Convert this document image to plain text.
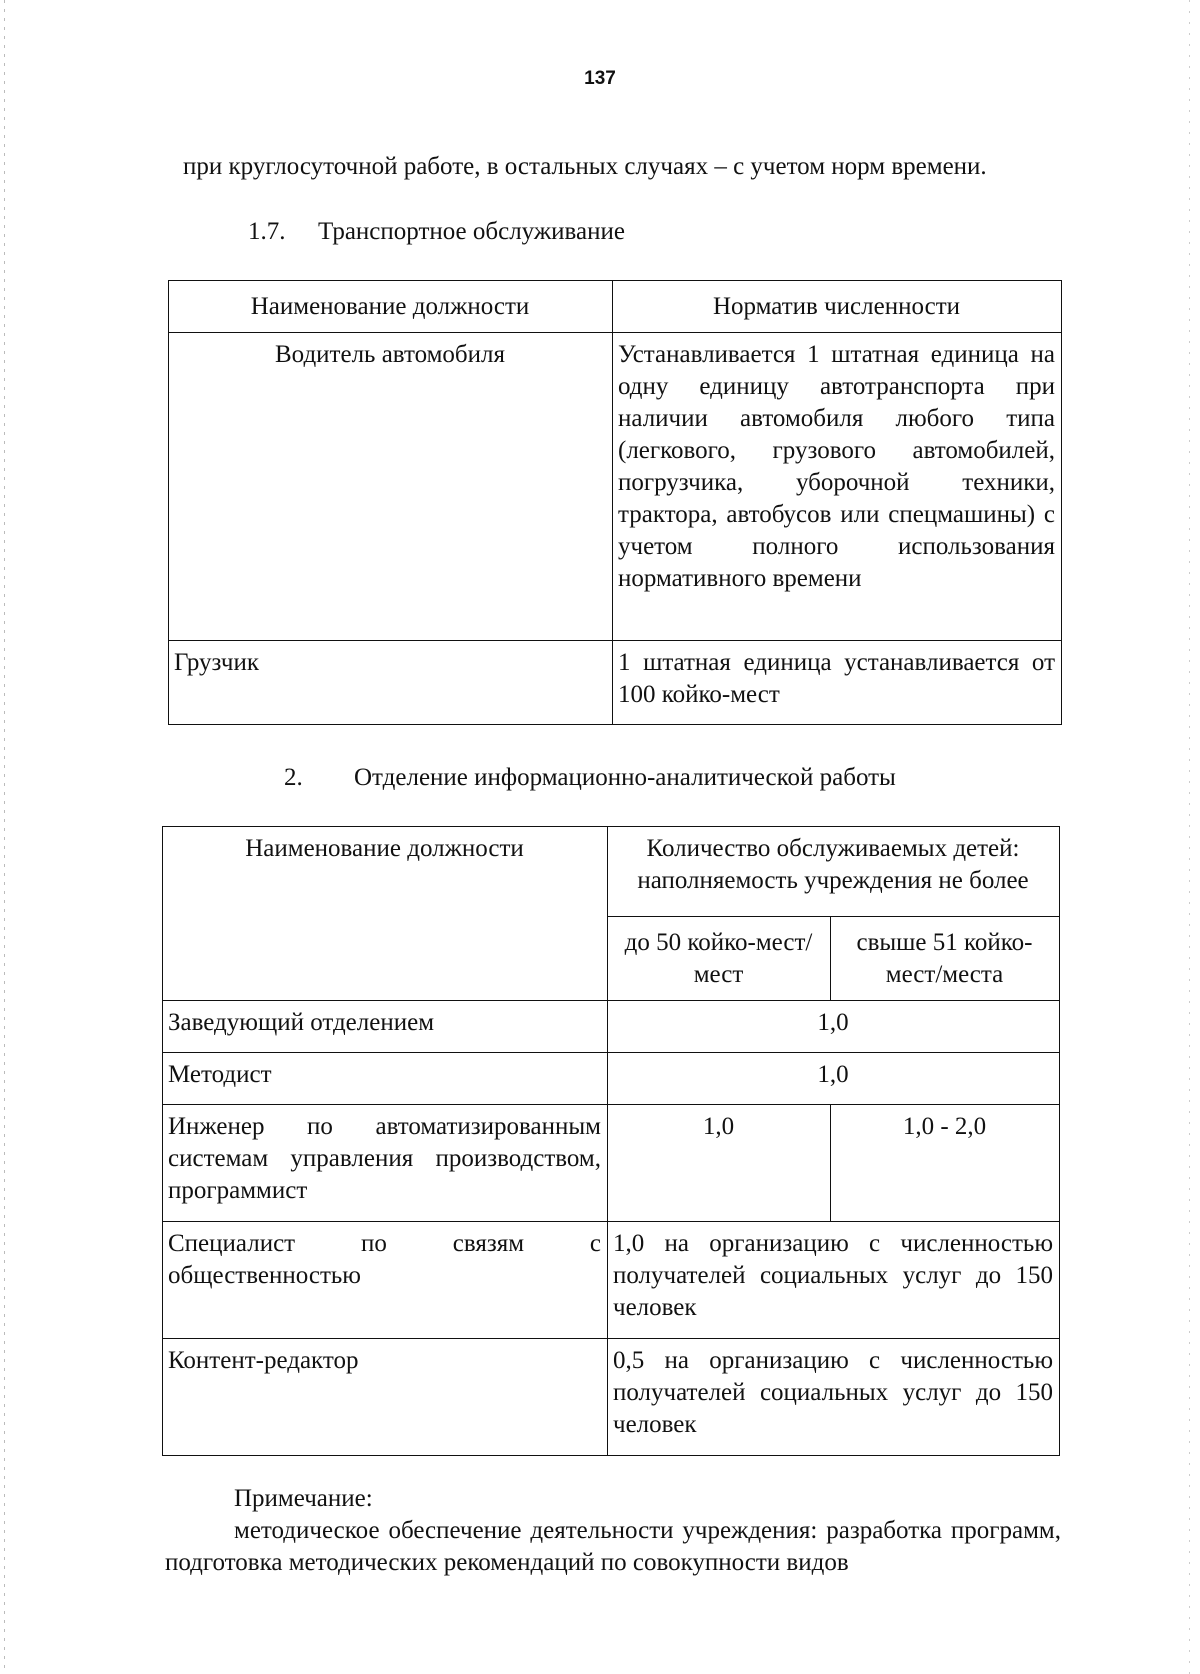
137
при круглосуточной работе, в остальных случаях – с учетом норм времени.
1.7. Транспортное обслуживание
Наименование должности	Норматив численности
Водитель автомобиля	Устанавливается 1 штатная единица на одну единицу автотранспорта при наличии автомобиля любого типа (легкового, грузового автомобилей, погрузчика, уборочной техники, трактора, автобусов или спецмашины) с учетом полного использования нормативного времени
Грузчик	1 штатная единица устанавливается от 100 койко-мест
2. Отделение информационно-аналитической работы
Наименование должности	Количество обслуживаемых детей: наполняемость учреждения не более	
	до 50 койко-мест/мест	свыше 51 койко-мест/места
Заведующий отделением	1,0	
Методист	1,0	
Инженер по автоматизированным системам управления производством, программист	1,0	1,0 - 2,0
Специалист по связям с общественностью	1,0 на организацию с численностью получателей социальных услуг до 150 человек	
Контент-редактор	0,5 на организацию с численностью получателей социальных услуг до 150 человек	
Примечание:
методическое обеспечение деятельности учреждения: разработка программ, подготовка методических рекомендаций по совокупности видов
